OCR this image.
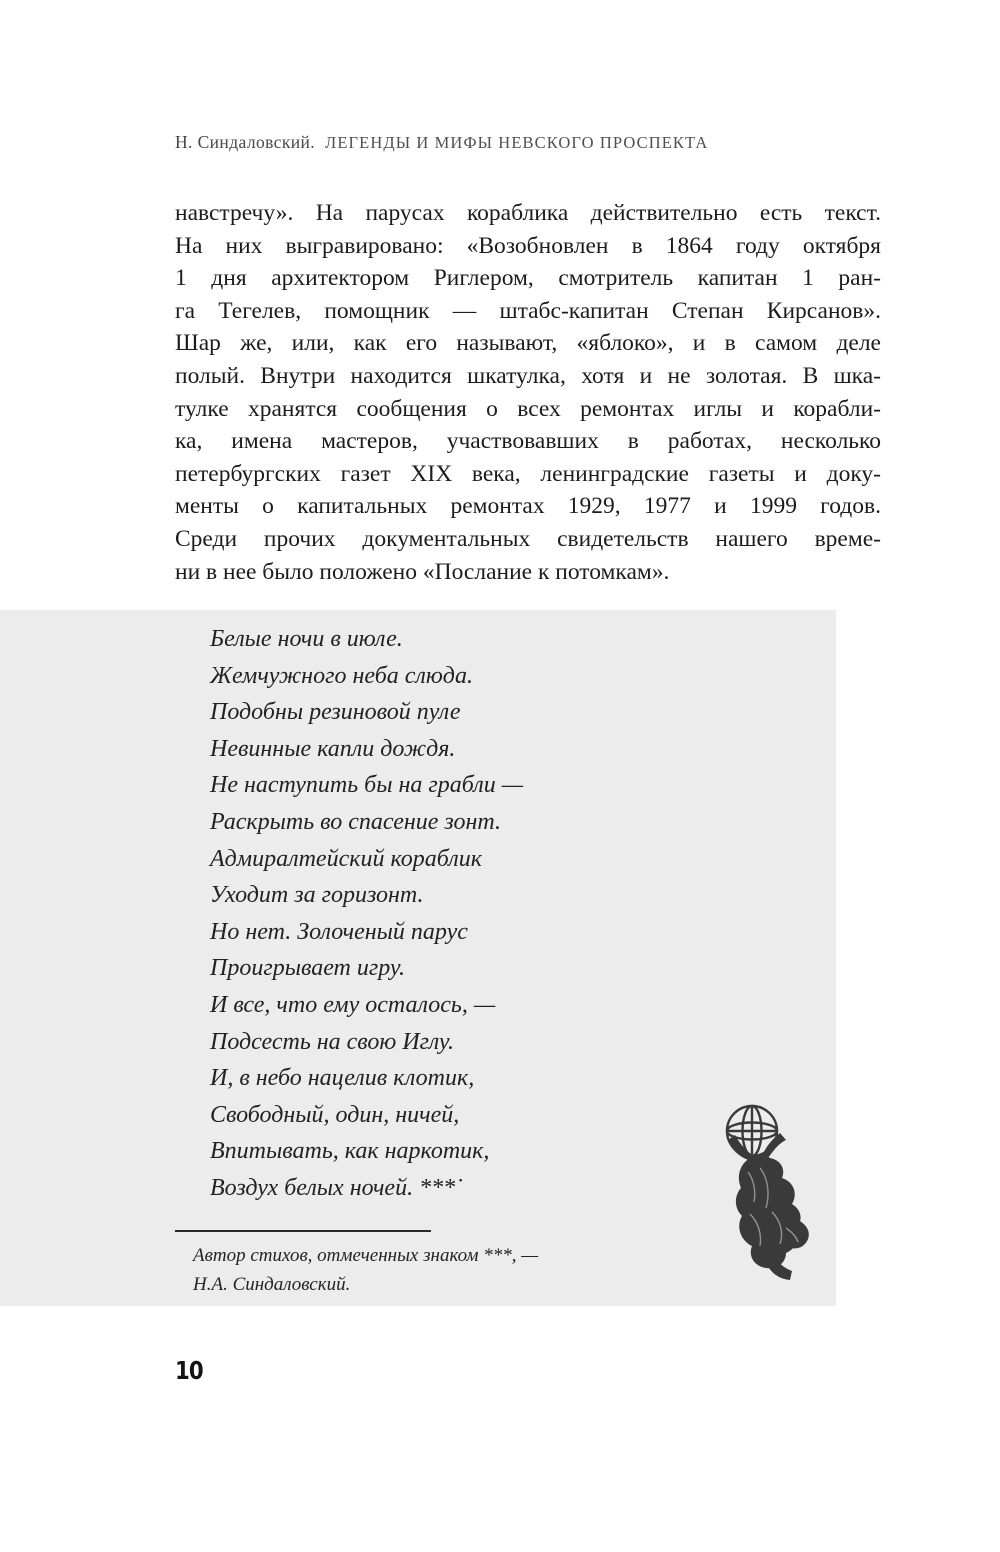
Н. Синдаловский. ЛЕГЕНДЫ И МИФЫ НЕВСКОГО ПРОСПЕКТА
навстречу». На парусах кораблика действительно есть текст.
На них выгравировано: «Возобновлен в 1864 году октября
1 дня архитектором Риглером, смотритель капитан 1 ран-
га Тегелев, помощник — штабс-капитан Степан Кирсанов».
Шар же, или, как его называют, «яблоко», и в самом деле
полый. Внутри находится шкатулка, хотя и не золотая. В шка-
тулке хранятся сообщения о всех ремонтах иглы и корабли-
ка, имена мастеров, участвовавших в работах, несколько
петербургских газет XIX века, ленинградские газеты и доку-
менты о капитальных ремонтах 1929, 1977 и 1999 годов.
Среди прочих документальных свидетельств нашего време-
ни в нее было положено «Послание к потомкам».
Белые ночи в июле.
Жемчужного неба слюда.
Подобны резиновой пуле
Невинные капли дождя.
Не наступить бы на грабли —
Раскрыть во спасение зонт.
Адмиралтейский кораблик
Уходит за горизонт.
Но нет. Золоченый парус
Проигрывает игру.
И все, что ему осталось, —
Подсесть на свою Иглу.
И, в небо нацелив клотик,
Свободный, один, ничей,
Впитывать, как наркотик,
Воздух белых ночей. ***˙
Автор стихов, отмеченных знаком ***, —
Н.А. Синдаловский.
10
